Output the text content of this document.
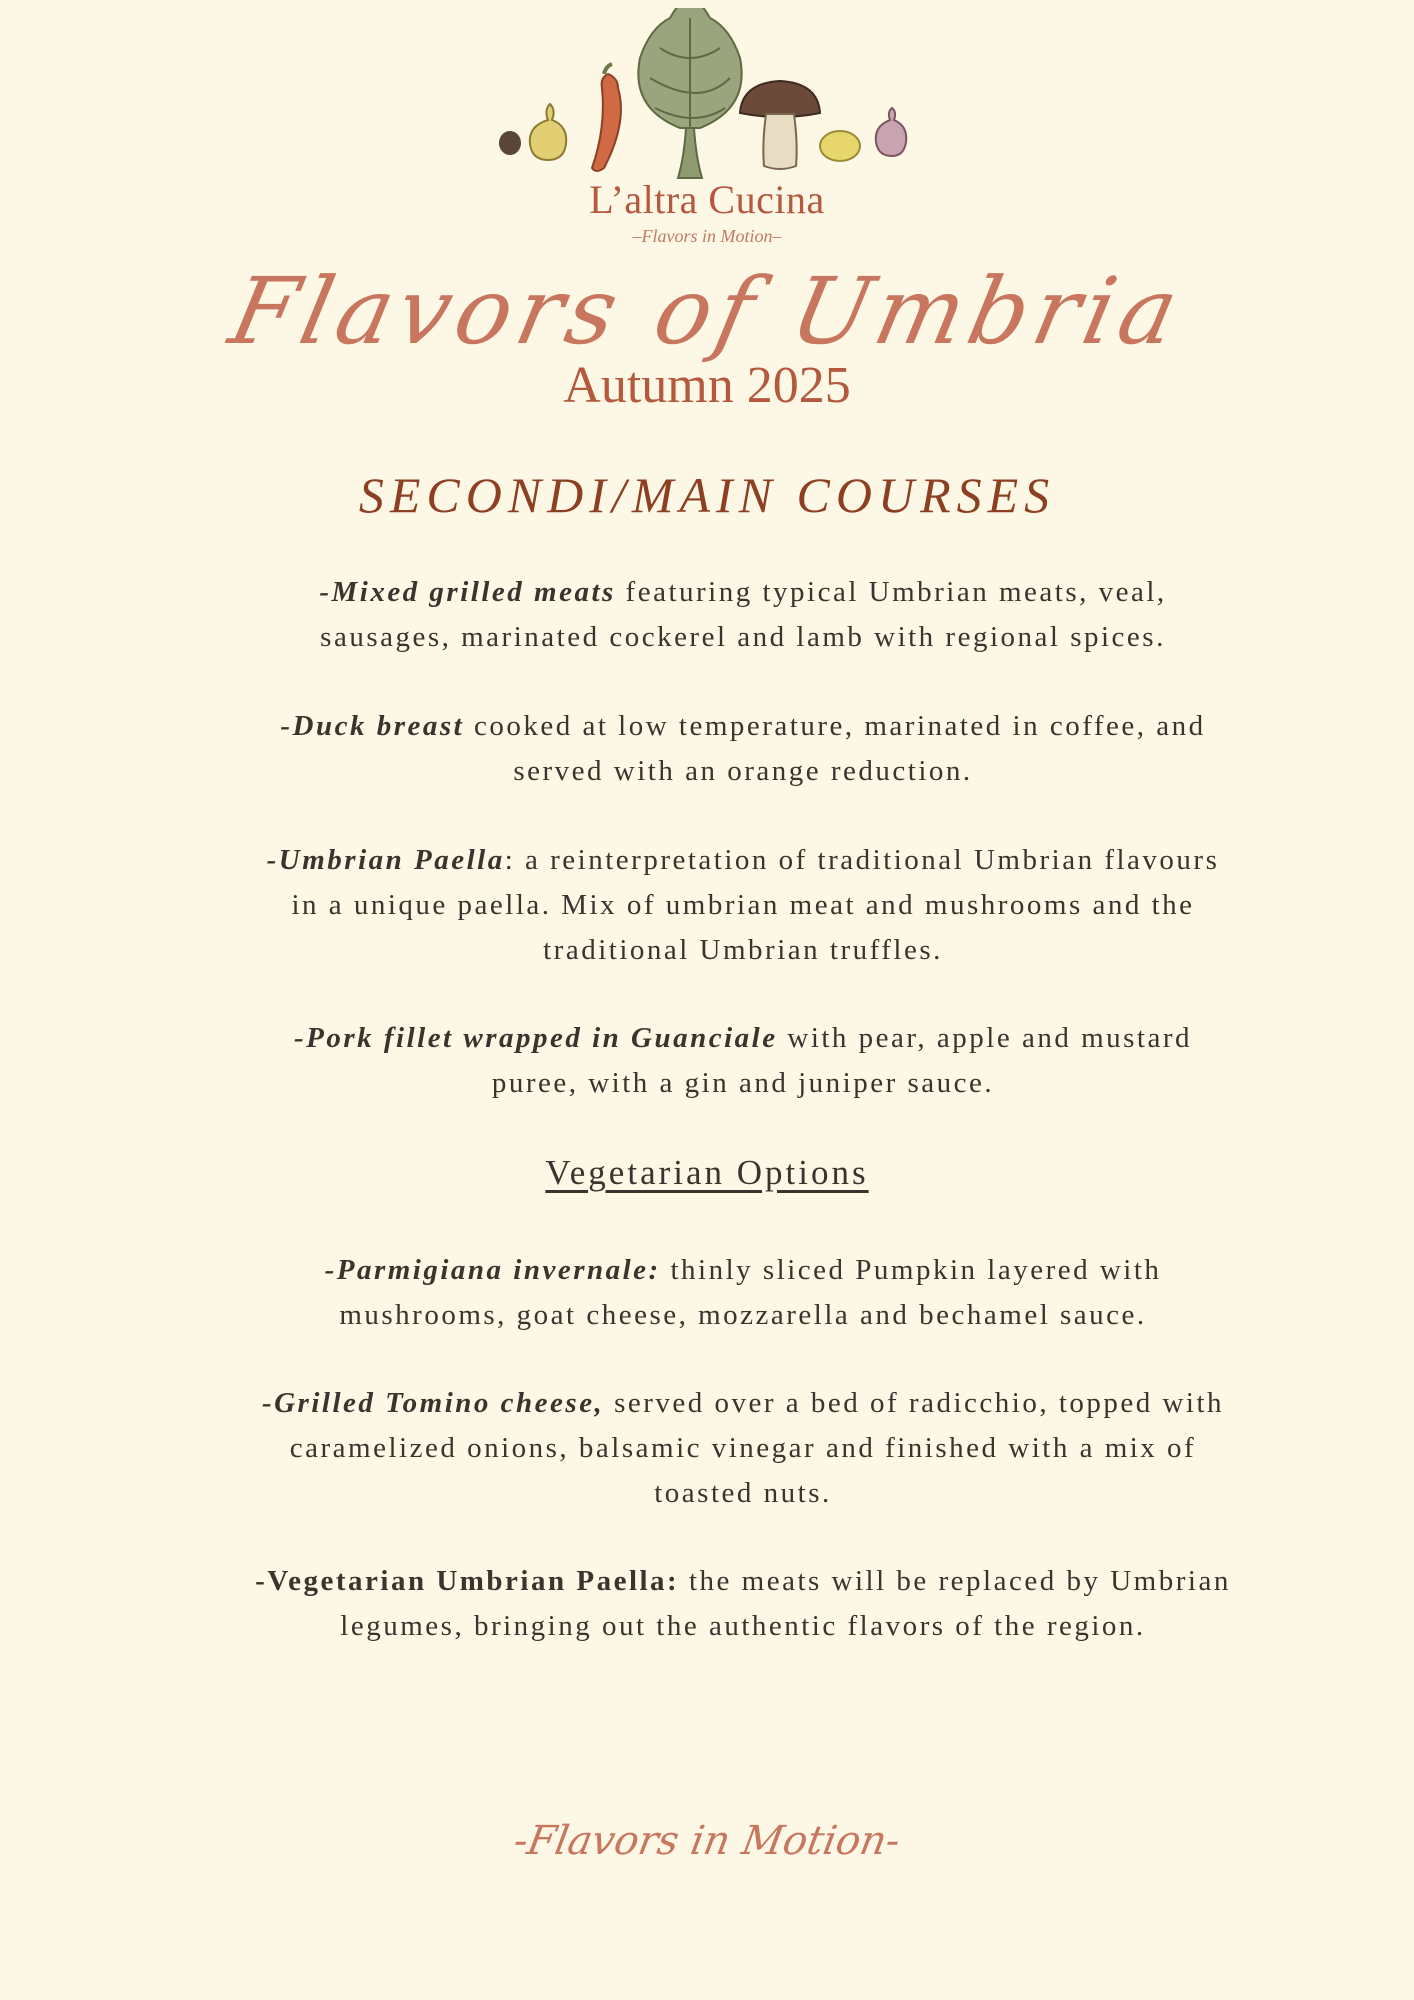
L’altra Cucina
–Flavors in Motion–
Flavors of Umbria
Autumn 2025
SECONDI/MAIN COURSES
-Mixed grilled meats featuring typical Umbrian meats, veal, sausages, marinated cockerel and lamb with regional spices.
-Duck breast cooked at low temperature, marinated in coffee, and served with an orange reduction.
-Umbrian Paella: a reinterpretation of traditional Umbrian flavours in a unique paella. Mix of umbrian meat and mushrooms and the traditional Umbrian truffles.
-Pork fillet wrapped in Guanciale with pear, apple and mustard puree, with a gin and juniper sauce.
Vegetarian Options
-Parmigiana invernale: thinly sliced Pumpkin layered with mushrooms, goat cheese, mozzarella and bechamel sauce.
-Grilled Tomino cheese, served over a bed of radicchio, topped with caramelized onions, balsamic vinegar and finished with a mix of toasted nuts.
-Vegetarian Umbrian Paella: the meats will be replaced by Umbrian legumes, bringing out the authentic flavors of the region.
-Flavors in Motion-
